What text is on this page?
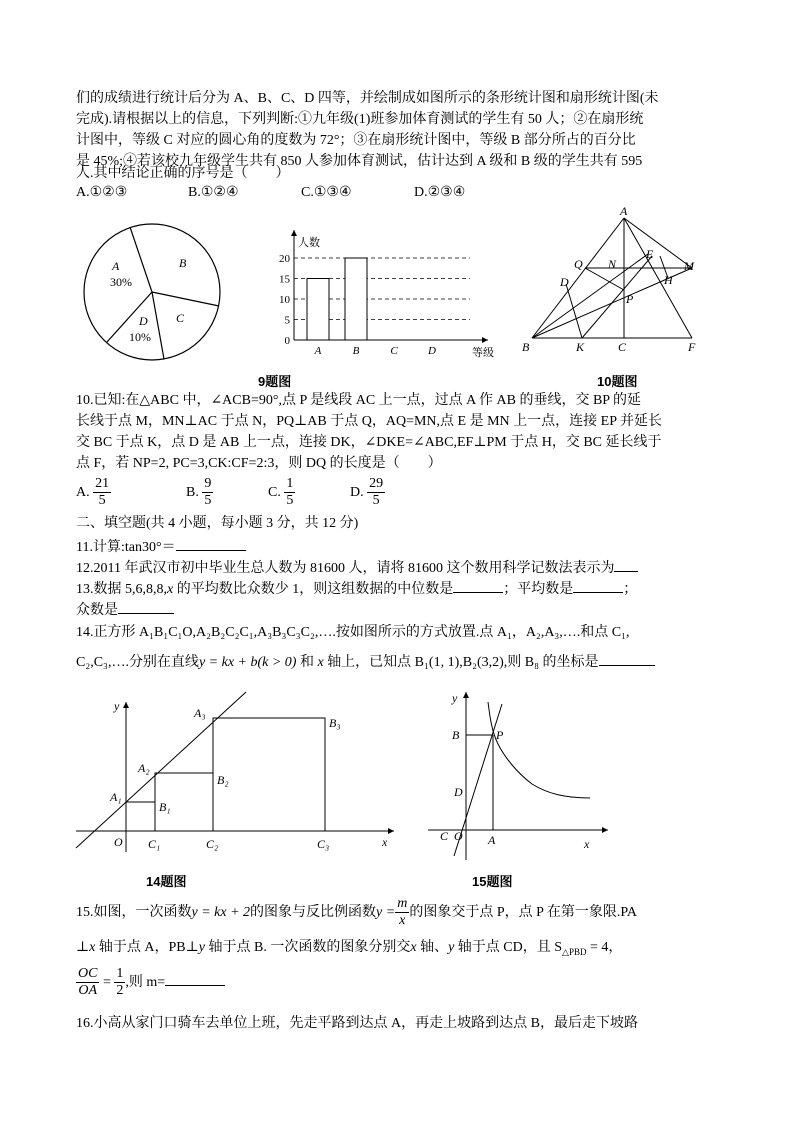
们的成绩进行统计后分为 A、B、C、D 四等，并绘制成如图所示的条形统计图和扇形统计图(未
完成).请根据以上的信息，下列判断:①九年级(1)班参加体育测试的学生有 50 人；②在扇形统
计图中，等级 C 对应的圆心角的度数为 72°；③在扇形统计图中，等级 B 部分所占的百分比
是 45%;④若该校九年级学生共有 850 人参加体育测试，估计达到 A 级和 B 级的学生共有 595
人.其中结论正确的序号是（　　）
A.①②③	B.①②④	C.①③④	D.②③④
A
30%
B
C
D
10%
人数
等级
0
5
10
15
20
A	B	C	D
9题图
A
Q N
E
M
D	H
P
B	K	C	F
10题图
10.已知:在△ABC 中，∠ACB=90°,点 P 是线段 AC 上一点，过点 A 作 AB 的垂线，交 BP 的延
长线于点 M，MN⊥AC 于点 N，PQ⊥AB 于点 Q，AQ=MN,点 E 是 MN 上一点，连接 EP 并延长
交 BC 于点 K，点 D 是 AB 上一点，连接 DK，∠DKE=∠ABC,EF⊥PM 于点 H，交 BC 延长线于
点 F，若 NP=2, PC=3,CK:CF=2:3，则 DQ 的长度是（　　）
A. $\frac{21}{5}$	B. $\frac{9}{5}$	C. $\frac{1}{5}$	D. $\frac{29}{5}$
二、填空题(共 4 小题，每小题 3 分，共 12 分)
11.计算:tan30°＝
12.2011 年武汉市初中毕业生总人数为 81600 人，请将 81600 这个数用科学记数法表示为
13.数据 5,6,8,8,x 的平均数比众数少 1，则这组数据的中位数是	；平均数是	；
众数是
14.正方形 A₁B₁C₁O,A₂B₂C₂C₁,A₃B₃C₃C₂,….按如图所示的方式放置.点 A₁，A₂,A₃,….和点 C₁,
C₂,C₃,….分别在直线y = kx + b(k > 0) 和 x 轴上，已知点 B₁(1, 1),B₂(3,2),则 B₈ 的坐标是
y
x
O
A₁
A₂
A₃
B₁
B₂
B₃
C₁	C₂	C₃
14题图
y
x
B	P
D
C O A
15题图
15.如图，一次函数y = kx + 2的图象与反比例函数$y = \frac{m}{x}$ 的图象交于点 P，点 P 在第一象限.PA
⊥x 轴于点 A，PB⊥y 轴于点 B. 一次函数的图象分别交x 轴、y 轴于点 CD，且 $S_{\triangle PBD} = 4$，
$\frac{OC}{OA} = \frac{1}{2}$ ,则 m=
16.小高从家门口骑车去单位上班，先走平路到达点 A，再走上坡路到达点 B，最后走下坡路
